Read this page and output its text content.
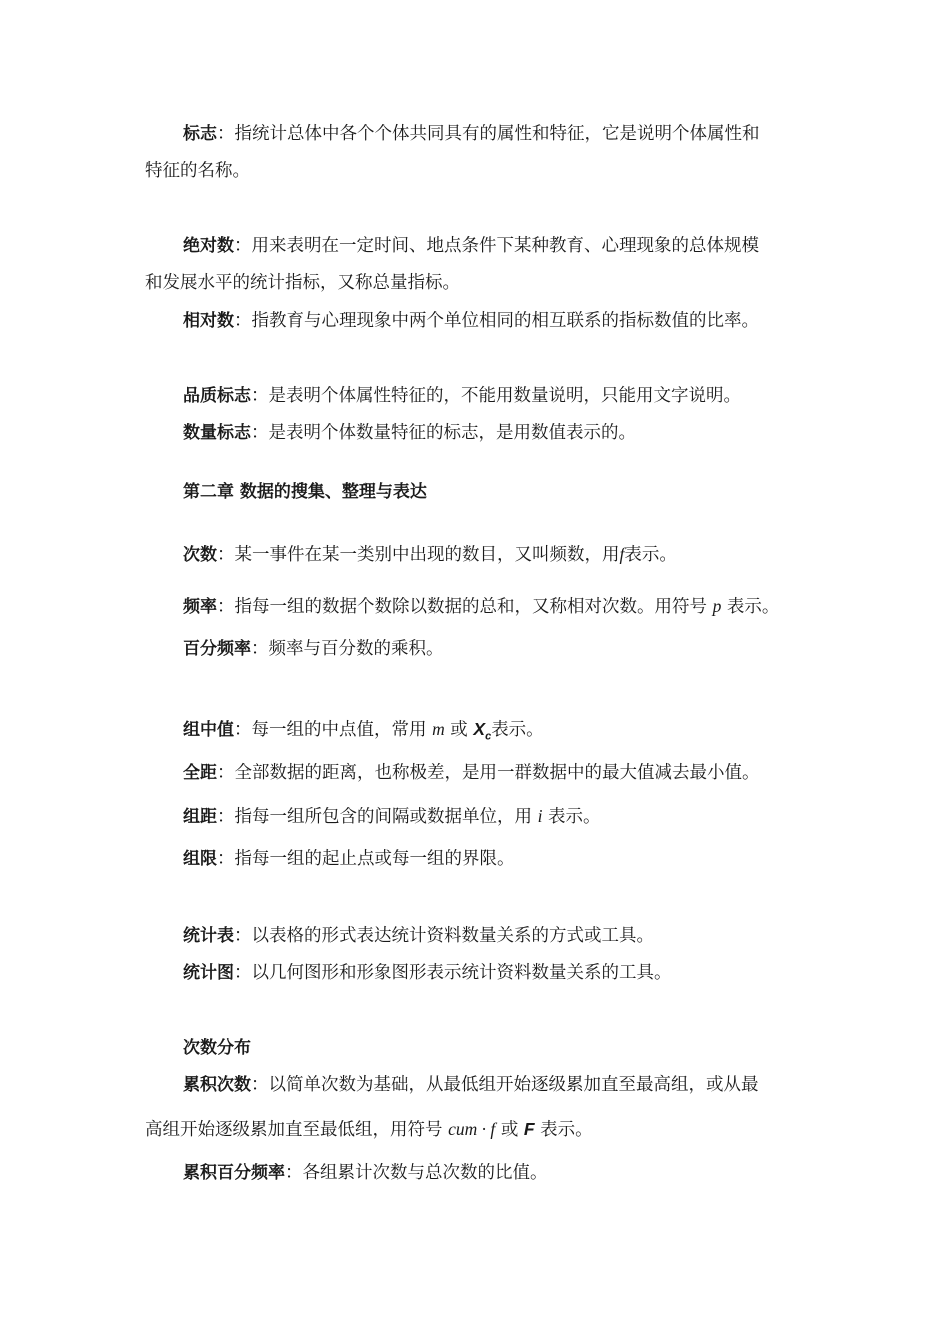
标志：指统计总体中各个个体共同具有的属性和特征，它是说明个体属性和
特征的名称。
绝对数：用来表明在一定时间、地点条件下某种教育、心理现象的总体规模
和发展水平的统计指标，又称总量指标。
相对数：指教育与心理现象中两个单位相同的相互联系的指标数值的比率。
品质标志：是表明个体属性特征的，不能用数量说明，只能用文字说明。
数量标志：是表明个体数量特征的标志，是用数值表示的。
第二章 数据的搜集、整理与表达
次数：某一事件在某一类别中出现的数目，又叫频数，用f表示。
频率：指每一组的数据个数除以数据的总和，又称相对次数。用符号 p 表示。
百分频率：频率与百分数的乘积。
组中值：每一组的中点值，常用 m 或 $X_c$表示。
全距：全部数据的距离，也称极差，是用一群数据中的最大值减去最小值。
组距：指每一组所包含的间隔或数据单位，用 i 表示。
组限：指每一组的起止点或每一组的界限。
统计表：以表格的形式表达统计资料数量关系的方式或工具。
统计图：以几何图形和形象图形表示统计资料数量关系的工具。
次数分布
累积次数：以简单次数为基础，从最低组开始逐级累加直至最高组，或从最
高组开始逐级累加直至最低组，用符号 cum · f 或 F 表示。
累积百分频率：各组累计次数与总次数的比值。
